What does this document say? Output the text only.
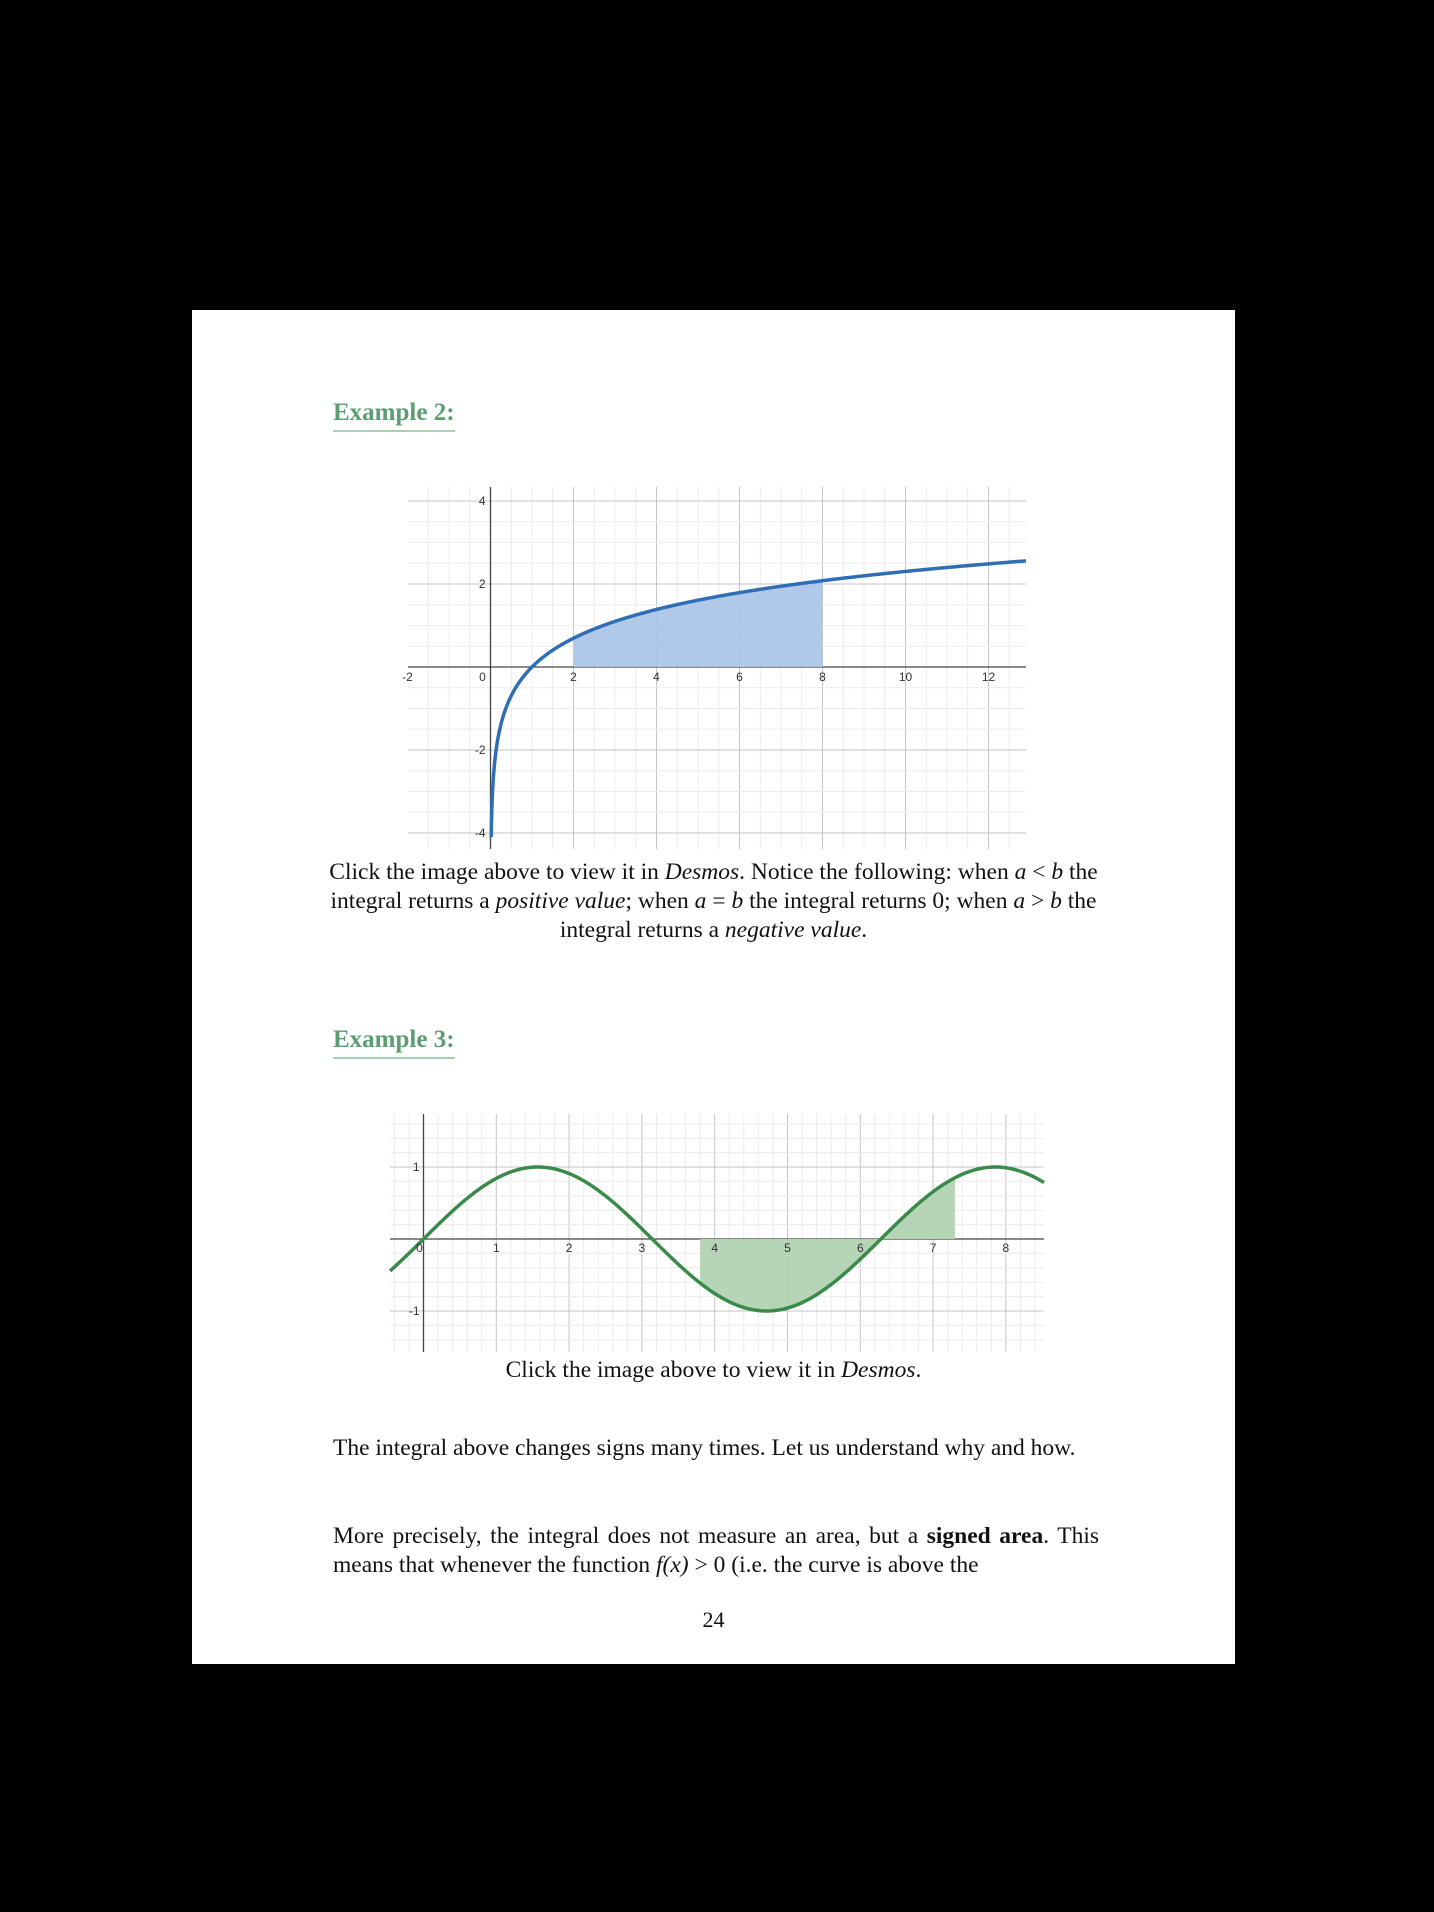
Example 2:
-2	0	2	4	6	8	10	12
4
2
-2
-4
Click the image above to view it in Desmos. Notice the following: when a < b the integral returns a positive value; when a = b the integral returns 0; when a > b the integral returns a negative value.
Example 3:
0	1	2	3	4	5	6	7	8
1
-1
Click the image above to view it in Desmos.
The integral above changes signs many times. Let us understand why and how.
More precisely, the integral does not measure an area, but a signed area. This means that whenever the function f(x) > 0 (i.e. the curve is above the
24
